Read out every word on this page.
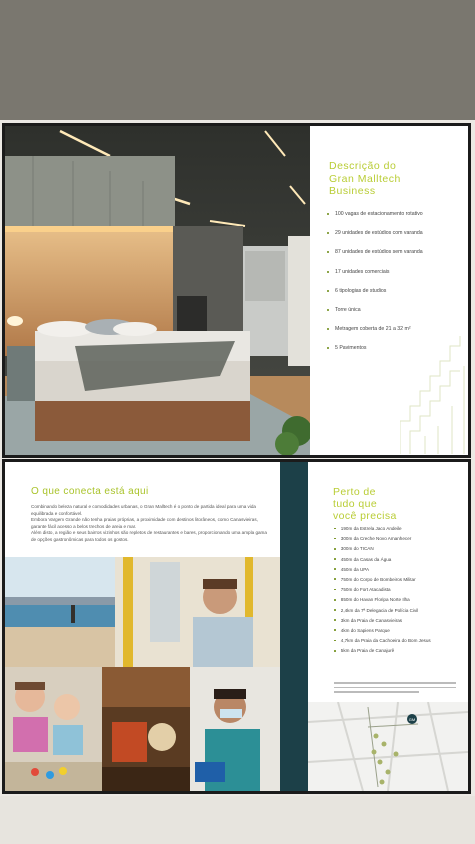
Descrição do
Gran Malltech
Business
100 vagas de estacionamento rotativo
29 unidades de estúdios com varanda
87 unidades de estúdios sem varanda
17 unidades comerciais
6 tipologias de studios
Torre única
Metragem coberta de 21 a 32 m²
5 Pavimentos
O que conecta está aqui

Combinando beleza natural e comodidades urbanas, o Gran Malltech é o ponto de partida ideal para uma vida equilibrada e confortável.

Embora Vargem Grande não tenha praias próprias, a proximidade com destinos litorâneos, como Canasvieiras, garante fácil acesso a belos trechos de areia e mar.

Além disto, a região e seus bairros vizinhos são repletos de restaurantes e bares, proporcionando uma ampla gama de opções gastronômicas para todos os gostos.

Perto de
tudo que
você precisa
190m da Estrela Jaco Andeile
300m da Creche Novo Amanhecer
300m do TICAN
450m da Casas da Água
450m da UPA
750m do Corpo de Bombeiros Militar
750m do Fort Atacadista
850m do Havan Floripa Norte Ilha
2,4km da 7ª Delegacia de Polícia Civil
3km da Praia de Canasvieiras
4km do Sapiens Parque
4,7km da Praia da Cachoeira do Bom Jesus
5km da Praia de Canajurê
GM
